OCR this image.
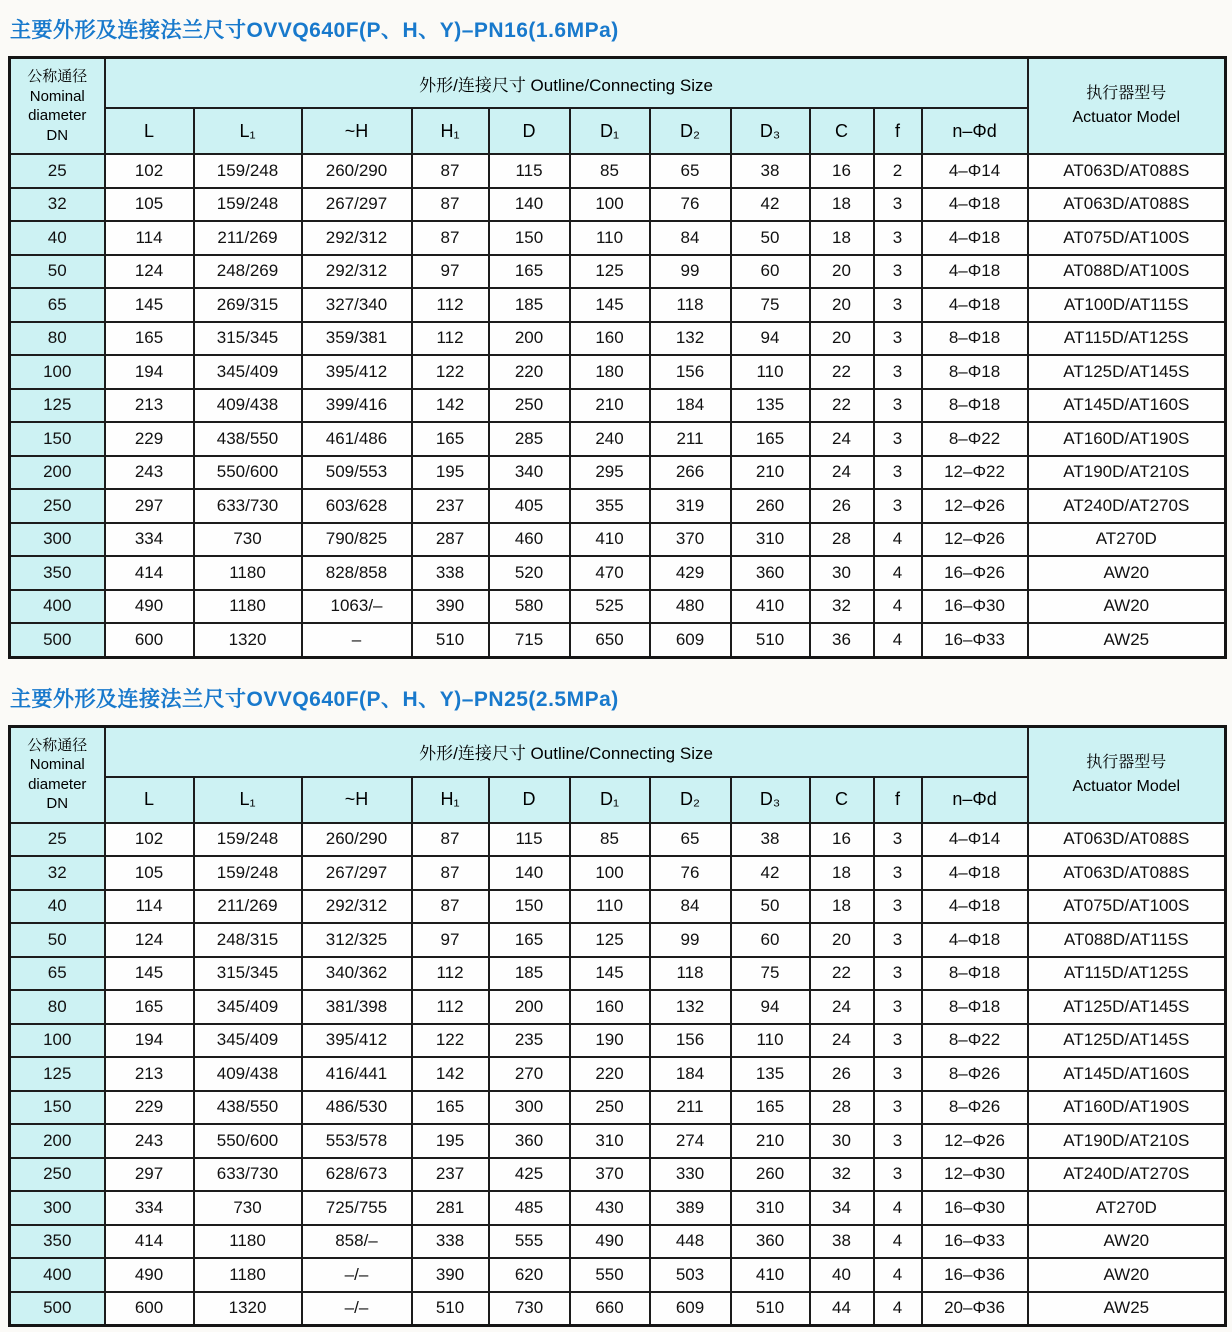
主要外形及连接法兰尺寸OVVQ640F(P、H、Y)–PN16(1.6MPa)
公称通径
Nominal
diameter
DN	外形/连接尺寸 Outline/Connecting Size											执行器型号
Actuator Model
	L	L₁	~H	H₁	D	D₁	D₂	D₃	C	f	n–Φd	
25	102	159/248	260/290	87	115	85	65	38	16	2	4–Φ14	AT063D/AT088S
32	105	159/248	267/297	87	140	100	76	42	18	3	4–Φ18	AT063D/AT088S
40	114	211/269	292/312	87	150	110	84	50	18	3	4–Φ18	AT075D/AT100S
50	124	248/269	292/312	97	165	125	99	60	20	3	4–Φ18	AT088D/AT100S
65	145	269/315	327/340	112	185	145	118	75	20	3	4–Φ18	AT100D/AT115S
80	165	315/345	359/381	112	200	160	132	94	20	3	8–Φ18	AT115D/AT125S
100	194	345/409	395/412	122	220	180	156	110	22	3	8–Φ18	AT125D/AT145S
125	213	409/438	399/416	142	250	210	184	135	22	3	8–Φ18	AT145D/AT160S
150	229	438/550	461/486	165	285	240	211	165	24	3	8–Φ22	AT160D/AT190S
200	243	550/600	509/553	195	340	295	266	210	24	3	12–Φ22	AT190D/AT210S
250	297	633/730	603/628	237	405	355	319	260	26	3	12–Φ26	AT240D/AT270S
300	334	730	790/825	287	460	410	370	310	28	4	12–Φ26	AT270D
350	414	1180	828/858	338	520	470	429	360	30	4	16–Φ26	AW20
400	490	1180	1063/–	390	580	525	480	410	32	4	16–Φ30	AW20
500	600	1320	–	510	715	650	609	510	36	4	16–Φ33	AW25
主要外形及连接法兰尺寸OVVQ640F(P、H、Y)–PN25(2.5MPa)
公称通径
Nominal
diameter
DN	外形/连接尺寸 Outline/Connecting Size											执行器型号
Actuator Model
	L	L₁	~H	H₁	D	D₁	D₂	D₃	C	f	n–Φd	
25	102	159/248	260/290	87	115	85	65	38	16	3	4–Φ14	AT063D/AT088S
32	105	159/248	267/297	87	140	100	76	42	18	3	4–Φ18	AT063D/AT088S
40	114	211/269	292/312	87	150	110	84	50	18	3	4–Φ18	AT075D/AT100S
50	124	248/315	312/325	97	165	125	99	60	20	3	4–Φ18	AT088D/AT115S
65	145	315/345	340/362	112	185	145	118	75	22	3	8–Φ18	AT115D/AT125S
80	165	345/409	381/398	112	200	160	132	94	24	3	8–Φ18	AT125D/AT145S
100	194	345/409	395/412	122	235	190	156	110	24	3	8–Φ22	AT125D/AT145S
125	213	409/438	416/441	142	270	220	184	135	26	3	8–Φ26	AT145D/AT160S
150	229	438/550	486/530	165	300	250	211	165	28	3	8–Φ26	AT160D/AT190S
200	243	550/600	553/578	195	360	310	274	210	30	3	12–Φ26	AT190D/AT210S
250	297	633/730	628/673	237	425	370	330	260	32	3	12–Φ30	AT240D/AT270S
300	334	730	725/755	281	485	430	389	310	34	4	16–Φ30	AT270D
350	414	1180	858/–	338	555	490	448	360	38	4	16–Φ33	AW20
400	490	1180	–/–	390	620	550	503	410	40	4	16–Φ36	AW20
500	600	1320	–/–	510	730	660	609	510	44	4	20–Φ36	AW25
